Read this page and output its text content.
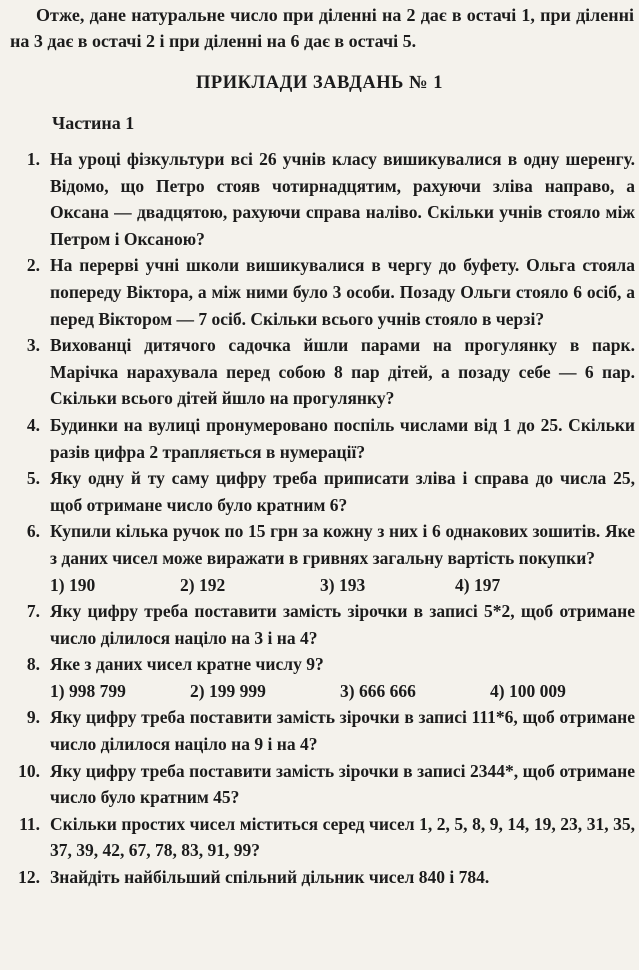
Отже, дане натуральне число при діленні на 2 дає в остачі 1, при діленні на 3 дає в остачі 2 і при діленні на 6 дає в остачі 5.
ПРИКЛАДИ ЗАВДАНЬ № 1
Частина 1
1. На уроці фізкультури всі 26 учнів класу вишикувалися в одну шеренгу. Відомо, що Петро стояв чотирнадцятим, рахуючи зліва направо, а Оксана — двадцятою, рахуючи справа наліво. Скільки учнів стояло між Петром і Оксаною?
2. На перерві учні школи вишикувалися в чергу до буфету. Ольга стояла попереду Віктора, а між ними було 3 особи. Позаду Ольги стояло 6 осіб, а перед Віктором — 7 осіб. Скільки всього учнів стояло в черзі?
3. Вихованці дитячого садочка йшли парами на прогулянку в парк. Марічка нарахувала перед собою 8 пар дітей, а позаду себе — 6 пар. Скільки всього дітей йшло на прогулянку?
4. Будинки на вулиці пронумеровано поспіль числами від 1 до 25. Скільки разів цифра 2 трапляється в нумерації?
5. Яку одну й ту саму цифру треба приписати зліва і справа до числа 25, щоб отримане число було кратним 6?
6. Купили кілька ручок по 15 грн за кожну з них і 6 однакових зошитів. Яке з даних чисел може виражати в гривнях загальну вартість покупки?
1) 190	2) 192	3) 193	4) 197
7. Яку цифру треба поставити замість зірочки в записі 5*2, щоб отримане число ділилося націло на 3 і на 4?
8. Яке з даних чисел кратне числу 9?
1) 998 799	2) 199 999	3) 666 666	4) 100 009
9. Яку цифру треба поставити замість зірочки в записі 111*6, щоб отримане число ділилося націло на 9 і на 4?
10. Яку цифру треба поставити замість зірочки в записі 2344*, щоб отримане число було кратним 45?
11. Скільки простих чисел міститься серед чисел 1, 2, 5, 8, 9, 14, 19, 23, 31, 35, 37, 39, 42, 67, 78, 83, 91, 99?
12. Знайдіть найбільший спільний дільник чисел 840 і 784.
